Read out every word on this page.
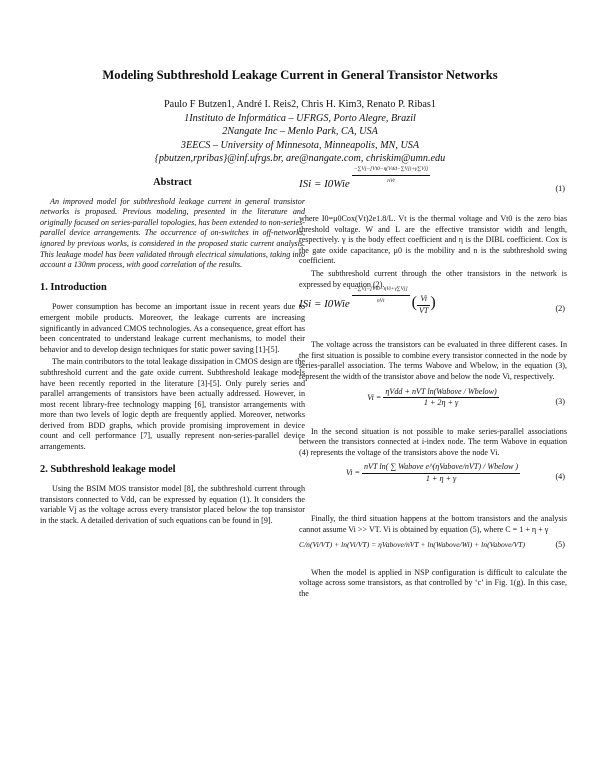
Modeling Subthreshold Leakage Current in General Transistor Networks
Paulo F Butzen1, André I. Reis2, Chris H. Kim3, Renato P. Ribas1
1Instituto de Informática – UFRGS, Porto Alegre, Brazil
2Nangate Inc – Menlo Park, CA, USA
3EECS – University of Minnesota, Minneapolis, MN, USA
{pbutzen,rpribas}@inf.ufrgs.br, are@nangate.com, chriskim@umn.edu
Abstract

An improved model for subthreshold leakage current in general transistor networks is proposed. Previous modeling, presented in the literature and originally focused on series-parallel topologies, has been extended to non-series-parallel device arrangements. The occurrence of on-switches in off-networks, ignored by previous works, is considered in the proposed static current analysis. This leakage model has been validated through electrical simulations, taking into account a 130nm process, with good correlation of the results.

1. Introduction

Power consumption has become an important issue in recent years due to emergent mobile products. Moreover, the leakage currents are increasing significantly in advanced CMOS technologies. As a consequence, great effort has been concentrated to understand leakage current mechanisms, to model their behavior and to develop design techniques for static power saving [1]-[5].

The main contributors to the total leakage dissipation in CMOS design are the subthreshold current and the gate oxide current. Subthreshold leakage models have been recently reported in the literature [3]-[5]. Only purely series and parallel arrangements of transistors have been actually addressed. However, in most recent library-free technology mapping [6], transistor arrangements with more than two levels of logic depth are frequently applied. Moreover, networks derived from BDD graphs, which provide promising improvement in device count and cell performance [7], usually represent non-series-parallel device arrangements.

2. Subthreshold leakage model

Using the BSIM MOS transistor model [8], the subthreshold current through transistors connected to Vdd, can be expressed by equation (1). It considers the variable Vj as the voltage across every transistor placed below the top transistor in the stack. A detailed derivation of such equations can be found in [9].

ISi = $I0Wie \frac{\text{−∑Vj−[Vt0−η(Vdd−∑Vj)+γ∑Vj]}}{\text{nVt}}$
(1)

where I0=μ0Cox(Vt)2e1.8/L. Vt is the thermal voltage and Vt0 is the zero bias threshold voltage. W and L are the effective transistor width and length, respectively. γ is the body effect coefficient and η is the DIBL coefficient. Cox is the gate oxide capacitance, μ0 is the mobility and n is the subthreshold swing coefficient.

The subthreshold current through the other transistors in the network is expressed by equation (2).

ISi = $I0Wie \frac{\text{−∑Vj−[Vt0−ηVi+γ∑Vj]}}{\text{nVt}}$ ( $\frac{Vi}{VT}$ )	(2)

The voltage across the transistors can be evaluated in three different cases. In the first situation is possible to combine every transistor connected in the node by series-parallel association. The terms Wabove and Wbelow, in the equation (3), represent the width of the transistor above and below the node Vi, respectively.

$Vi = \frac{\text{ηVdd + nVT ln(Wabove / Wbelow)}}{1 + 2\eta + \gamma}$	(3)

In the second situation is not possible to make series-parallel associations between the transistors connected at i-index node. The term Wabove in equation (4) represents the voltage of the transistors above the node Vi.

$Vi = \frac{\text{nVT ln( ∑ Wabove e\textasciicircum{}(ηVabove/nVT) / Wbelow )}}{1 + \eta + \gamma}$	(4)

Finally, the third situation happens at the bottom transistors and the analysis cannot assume Vi >> VT. Vi is obtained by equation (5), where C = 1 + η + γ

C/n(Vi/VT) + ln(Vi/VT) = ηVabove/nVT + ln(Wabove/Wi) + ln(Vabove/VT)	(5)

When the model is applied in NSP configuration is difficult to calculate the voltage across some transistors, as that controlled by ‘c’ in Fig. 1(g). In this case, the
